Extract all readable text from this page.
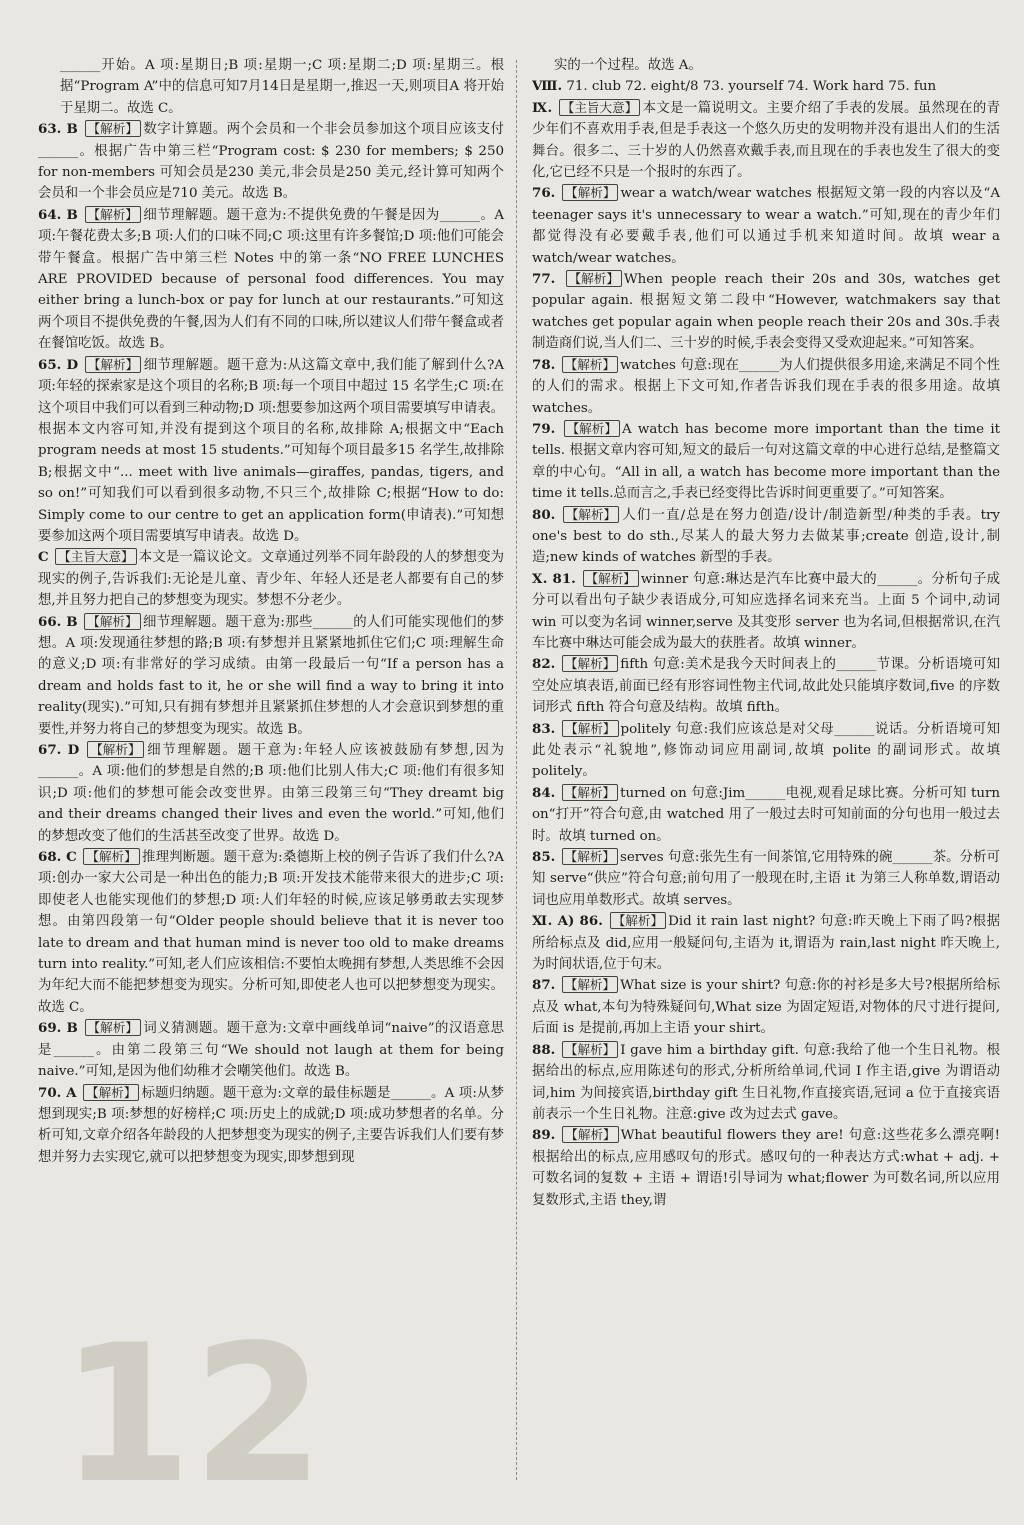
______开始。A 项:星期日;B 项:星期一;C 项:星期二;D 项:星期三。根据“Program A”中的信息可知7月14日是星期一,推迟一天,则项目A 将开始于星期二。故选 C。

63. B 【解析】 数字计算题。两个会员和一个非会员参加这个项目应该支付______。根据广告中第三栏“Program cost: $ 230 for members; $ 250 for non-members 可知会员是230 美元,非会员是250 美元,经计算可知两个会员和一个非会员应是710 美元。故选 B。

64. B 【解析】 细节理解题。题干意为:不提供免费的午餐是因为______。A 项:午餐花费太多;B 项:人们的口味不同;C 项:这里有许多餐馆;D 项:他们可能会带午餐盒。根据广告中第三栏 Notes 中的第一条“NO FREE LUNCHES ARE PROVIDED because of personal food differences. You may either bring a lunch-box or pay for lunch at our restaurants.”可知这两个项目不提供免费的午餐,因为人们有不同的口味,所以建议人们带午餐盒或者在餐馆吃饭。故选 B。

65. D 【解析】 细节理解题。题干意为:从这篇文章中,我们能了解到什么?A 项:年轻的探索家是这个项目的名称;B 项:每一个项目中超过 15 名学生;C 项:在这个项目中我们可以看到三种动物;D 项:想要参加这两个项目需要填写申请表。根据本文内容可知,并没有提到这个项目的名称,故排除 A;根据文中“Each program needs at most 15 students.”可知每个项目最多15 名学生,故排除 B;根据文中“... meet with live animals—giraffes, pandas, tigers, and so on!”可知我们可以看到很多动物,不只三个,故排除 C;根据“How to do: Simply come to our centre to get an application form(申请表).”可知想要参加这两个项目需要填写申请表。故选 D。

C 【主旨大意】 本文是一篇议论文。文章通过列举不同年龄段的人的梦想变为现实的例子,告诉我们:无论是儿童、青少年、年轻人还是老人都要有自己的梦想,并且努力把自己的梦想变为现实。梦想不分老少。

66. B 【解析】 细节理解题。题干意为:那些______的人们可能实现他们的梦想。A 项:发现通往梦想的路;B 项:有梦想并且紧紧地抓住它们;C 项:理解生命的意义;D 项:有非常好的学习成绩。由第一段最后一句“If a person has a dream and holds fast to it, he or she will find a way to bring it into reality(现实).”可知,只有拥有梦想并且紧紧抓住梦想的人才会意识到梦想的重要性,并努力将自己的梦想变为现实。故选 B。

67. D 【解析】 细节理解题。题干意为:年轻人应该被鼓励有梦想,因为______。A 项:他们的梦想是自然的;B 项:他们比别人伟大;C 项:他们有很多知识;D 项:他们的梦想可能会改变世界。由第三段第三句“They dreamt big and their dreams changed their lives and even the world.”可知,他们的梦想改变了他们的生活甚至改变了世界。故选 D。

68. C 【解析】 推理判断题。题干意为:桑德斯上校的例子告诉了我们什么?A 项:创办一家大公司是一种出色的能力;B 项:开发技术能带来很大的进步;C 项:即使老人也能实现他们的梦想;D 项:人们年轻的时候,应该足够勇敢去实现梦想。由第四段第一句“Older people should believe that it is never too late to dream and that human mind is never too old to make dreams turn into reality.”可知,老人们应该相信:不要怕太晚拥有梦想,人类思维不会因为年纪大而不能把梦想变为现实。分析可知,即使老人也可以把梦想变为现实。故选 C。

69. B 【解析】 词义猜测题。题干意为:文章中画线单词“naive”的汉语意思是______。由第二段第三句“We should not laugh at them for being naive.”可知,是因为他们幼稚才会嘲笑他们。故选 B。

70. A 【解析】 标题归纳题。题干意为:文章的最佳标题是______。A 项:从梦想到现实;B 项:梦想的好榜样;C 项:历史上的成就;D 项:成功梦想者的名单。分析可知,文章介绍各年龄段的人把梦想变为现实的例子,主要告诉我们人们要有梦想并努力去实现它,就可以把梦想变为现实,即梦想到现

实的一个过程。故选 A。

Ⅷ. 71. club 72. eight/8 73. yourself 74. Work hard 75. fun

Ⅸ. 【主旨大意】 本文是一篇说明文。主要介绍了手表的发展。虽然现在的青少年们不喜欢用手表,但是手表这一个悠久历史的发明物并没有退出人们的生活舞台。很多二、三十岁的人仍然喜欢戴手表,而且现在的手表也发生了很大的变化,它已经不只是一个报时的东西了。

76. 【解析】 wear a watch/wear watches 根据短文第一段的内容以及“A teenager says it's unnecessary to wear a watch.”可知,现在的青少年们都觉得没有必要戴手表,他们可以通过手机来知道时间。故填 wear a watch/wear watches。

77. 【解析】 When people reach their 20s and 30s, watches get popular again. 根据短文第二段中“However, watchmakers say that watches get popular again when people reach their 20s and 30s.手表制造商们说,当人们二、三十岁的时候,手表会变得又受欢迎起来。”可知答案。

78. 【解析】 watches 句意:现在______为人们提供很多用途,来满足不同个性的人们的需求。根据上下文可知,作者告诉我们现在手表的很多用途。故填 watches。

79. 【解析】 A watch has become more important than the time it tells. 根据文章内容可知,短文的最后一句对这篇文章的中心进行总结,是整篇文章的中心句。“All in all, a watch has become more important than the time it tells.总而言之,手表已经变得比告诉时间更重要了。”可知答案。

80. 【解析】 人们一直/总是在努力创造/设计/制造新型/种类的手表。try one's best to do sth.,尽某人的最大努力去做某事;create 创造,设计,制造;new kinds of watches 新型的手表。

Ⅹ. 81. 【解析】 winner 句意:琳达是汽车比赛中最大的______。分析句子成分可以看出句子缺少表语成分,可知应选择名词来充当。上面 5 个词中,动词 win 可以变为名词 winner,serve 及其变形 server 也为名词,但根据常识,在汽车比赛中琳达可能会成为最大的获胜者。故填 winner。

82. 【解析】 fifth 句意:美术是我今天时间表上的______节课。分析语境可知空处应填表语,前面已经有形容词性物主代词,故此处只能填序数词,five 的序数词形式 fifth 符合句意及结构。故填 fifth。

83. 【解析】 politely 句意:我们应该总是对父母______说话。分析语境可知此处表示“礼貌地”,修饰动词应用副词,故填 polite 的副词形式。故填 politely。

84. 【解析】 turned on 句意:Jim______电视,观看足球比赛。分析可知 turn on“打开”符合句意,由 watched 用了一般过去时可知前面的分句也用一般过去时。故填 turned on。

85. 【解析】 serves 句意:张先生有一间茶馆,它用特殊的碗______茶。分析可知 serve“供应”符合句意;前句用了一般现在时,主语 it 为第三人称单数,谓语动词也应用单数形式。故填 serves。

Ⅺ. A) 86. 【解析】 Did it rain last night? 句意:昨天晚上下雨了吗?根据所给标点及 did,应用一般疑问句,主语为 it,谓语为 rain,last night 昨天晚上,为时间状语,位于句末。

87. 【解析】 What size is your shirt? 句意:你的衬衫是多大号?根据所给标点及 what,本句为特殊疑问句,What size 为固定短语,对物体的尺寸进行提问,后面 is 是提前,再加上主语 your shirt。

88. 【解析】 I gave him a birthday gift. 句意:我给了他一个生日礼物。根据给出的标点,应用陈述句的形式,分析所给单词,代词 I 作主语,give 为谓语动词,him 为间接宾语,birthday gift 生日礼物,作直接宾语,冠词 a 位于直接宾语前表示一个生日礼物。注意:give 改为过去式 gave。

89. 【解析】 What beautiful flowers they are! 句意:这些花多么漂亮啊!根据给出的标点,应用感叹句的形式。感叹句的一种表达方式:what + adj. + 可数名词的复数 + 主语 + 谓语!引导词为 what;flower 为可数名词,所以应用复数形式,主语 they,谓

12
